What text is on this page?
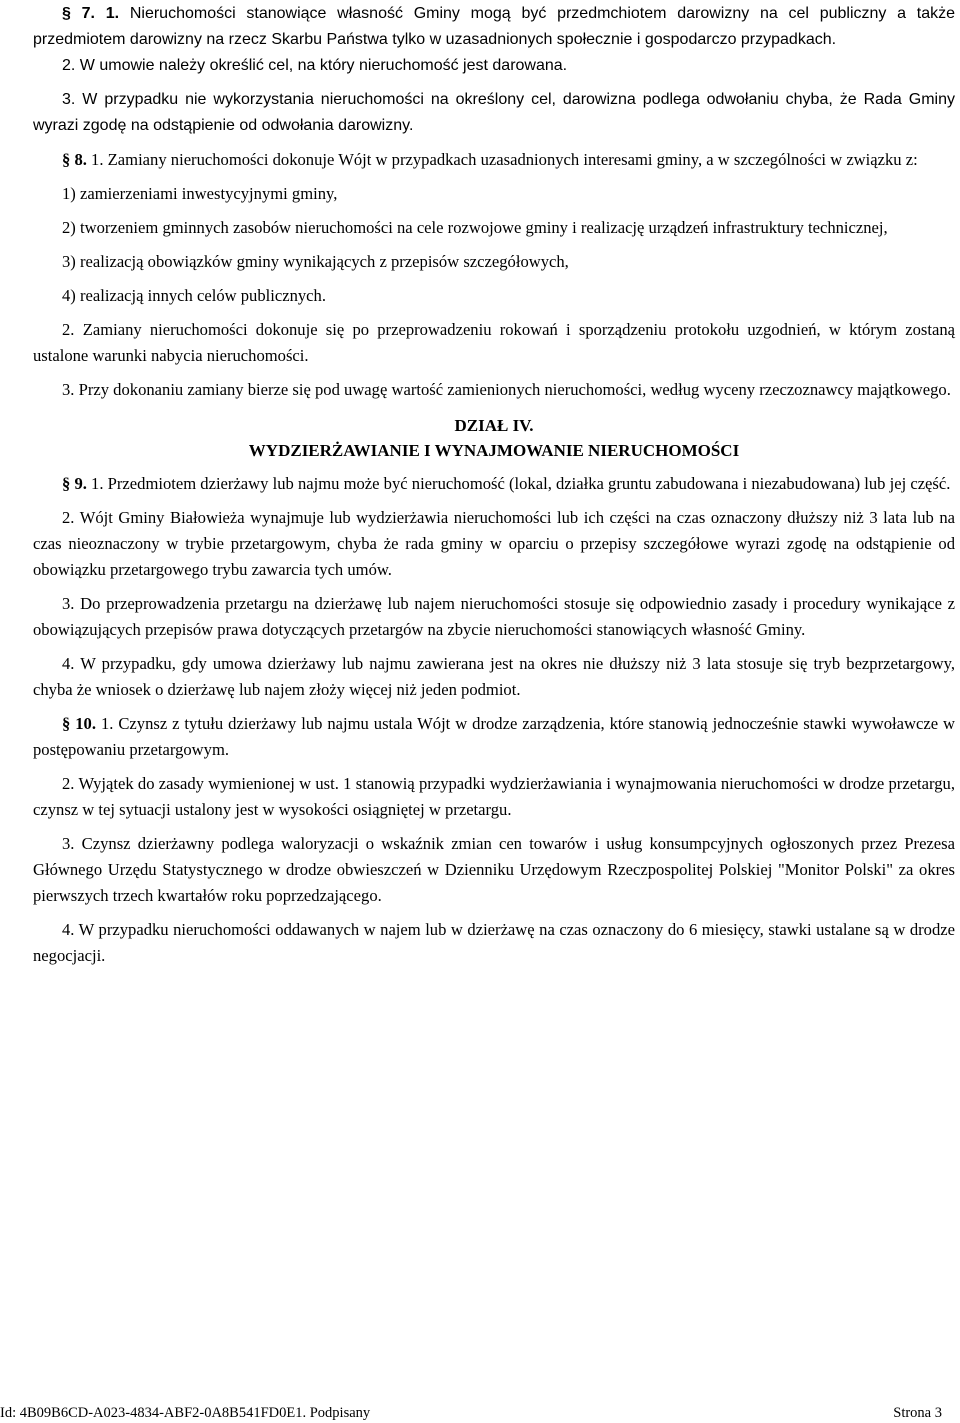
§ 7. 1. Nieruchomości stanowiące własność Gminy mogą być przedmchiotem darowizny na cel publiczny a także przedmiotem darowizny na rzecz Skarbu Państwa tylko w uzasadnionych społecznie i gospodarczo przypadkach.

2. W umowie należy określić cel, na który nieruchomość jest darowana.

3. W przypadku nie wykorzystania nieruchomości na określony cel, darowizna podlega odwołaniu chyba, że Rada Gminy wyrazi zgodę na odstąpienie od odwołania darowizny.

§ 8. 1. Zamiany nieruchomości dokonuje Wójt w przypadkach uzasadnionych interesami gminy, a w szczególności w związku z:

1) zamierzeniami inwestycyjnymi gminy,

2) tworzeniem gminnych zasobów nieruchomości na cele rozwojowe gminy i realizację urządzeń infrastruktury technicznej,

3) realizacją obowiązków gminy wynikających z przepisów szczegółowych,

4) realizacją innych celów publicznych.

2. Zamiany nieruchomości dokonuje się po przeprowadzeniu rokowań i sporządzeniu protokołu uzgodnień, w którym zostaną ustalone warunki nabycia nieruchomości.

3. Przy dokonaniu zamiany bierze się pod uwagę wartość zamienionych nieruchomości, według wyceny rzeczoznawcy majątkowego.

DZIAŁ IV.

WYDZIERŻAWIANIE I WYNAJMOWANIE NIERUCHOMOŚCI

§ 9. 1. Przedmiotem dzierżawy lub najmu może być nieruchomość (lokal, działka gruntu zabudowana i niezabudowana) lub jej część.

2. Wójt Gminy Białowieża wynajmuje lub wydzierżawia nieruchomości lub ich części na czas oznaczony dłuższy niż 3 lata lub na czas nieoznaczony w trybie przetargowym, chyba że rada gminy w oparciu o przepisy szczegółowe wyrazi zgodę na odstąpienie od obowiązku przetargowego trybu zawarcia tych umów.

3. Do przeprowadzenia przetargu na dzierżawę lub najem nieruchomości stosuje się odpowiednio zasady i procedury wynikające z obowiązujących przepisów prawa dotyczących przetargów na zbycie nieruchomości stanowiących własność Gminy.

4. W przypadku, gdy umowa dzierżawy lub najmu zawierana jest na okres nie dłuższy niż 3 lata stosuje się tryb bezprzetargowy, chyba że wniosek o dzierżawę lub najem złoży więcej niż jeden podmiot.

§ 10. 1. Czynsz z tytułu dzierżawy lub najmu ustala Wójt w drodze zarządzenia, które stanowią jednocześnie stawki wywoławcze w postępowaniu przetargowym.

2. Wyjątek do zasady wymienionej w ust. 1 stanowią przypadki wydzierżawiania i wynajmowania nieruchomości w drodze przetargu, czynsz w tej sytuacji ustalony jest w wysokości osiągniętej w przetargu.

3. Czynsz dzierżawny podlega waloryzacji o wskaźnik zmian cen towarów i usług konsumpcyjnych ogłoszonych przez Prezesa Głównego Urzędu Statystycznego w drodze obwieszczeń w Dzienniku Urzędowym Rzeczpospolitej Polskiej "Monitor Polski" za okres pierwszych trzech kwartałów roku poprzedzającego.

4. W przypadku nieruchomości oddawanych w najem lub w dzierżawę na czas oznaczony do 6 miesięcy, stawki ustalane są w drodze negocjacji.

Id: 4B09B6CD-A023-4834-ABF2-0A8B541FD0E1. Podpisany	Strona 3
